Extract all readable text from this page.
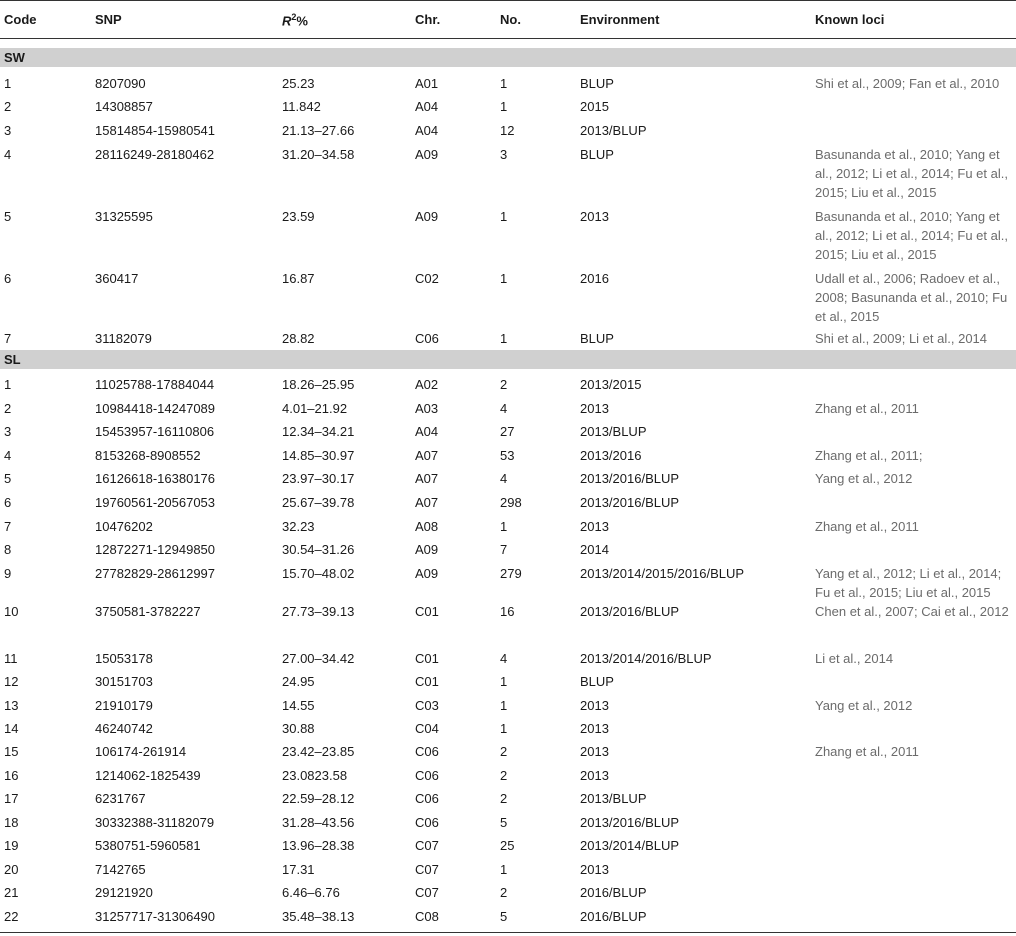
Code	SNP	$R^2\%$	Chr.	No.	Environment	Known loci
SW
1	8207090	25.23	A01	1	BLUP	Shi et al., 2009; Fan et al., 2010
2	14308857	11.842	A04	1	2015
3	15814854-15980541	21.13–27.66	A04	12	2013/BLUP
4	28116249-28180462	31.20–34.58	A09	3	BLUP	Basunanda et al., 2010; Yang et al., 2012; Li et al., 2014; Fu et al., 2015; Liu et al., 2015
5	31325595	23.59	A09	1	2013	Basunanda et al., 2010; Yang et al., 2012; Li et al., 2014; Fu et al., 2015; Liu et al., 2015
6	360417	16.87	C02	1	2016	Udall et al., 2006; Radoev et al., 2008; Basunanda et al., 2010; Fu et al., 2015
7	31182079	28.82	C06	1	BLUP	Shi et al., 2009; Li et al., 2014
SL
1	11025788-17884044	18.26–25.95	A02	2	2013/2015
2	10984418-14247089	4.01–21.92	A03	4	2013	Zhang et al., 2011
3	15453957-16110806	12.34–34.21	A04	27	2013/BLUP
4	8153268-8908552	14.85–30.97	A07	53	2013/2016	Zhang et al., 2011;
5	16126618-16380176	23.97–30.17	A07	4	2013/2016/BLUP	Yang et al., 2012
6	19760561-20567053	25.67–39.78	A07	298	2013/2016/BLUP
7	10476202	32.23	A08	1	2013	Zhang et al., 2011
8	12872271-12949850	30.54–31.26	A09	7	2014
9	27782829-28612997	15.70–48.02	A09	279	2013/2014/2015/2016/BLUP	Yang et al., 2012; Li et al., 2014; Fu et al., 2015; Liu et al., 2015
10	3750581-3782227	27.73–39.13	C01	16	2013/2016/BLUP	Chen et al., 2007; Cai et al., 2012
11	15053178	27.00–34.42	C01	4	2013/2014/2016/BLUP	Li et al., 2014
12	30151703	24.95	C01	1	BLUP
13	21910179	14.55	C03	1	2013	Yang et al., 2012
14	46240742	30.88	C04	1	2013
15	106174-261914	23.42–23.85	C06	2	2013	Zhang et al., 2011
16	1214062-1825439	23.0823.58	C06	2	2013
17	6231767	22.59–28.12	C06	2	2013/BLUP
18	30332388-31182079	31.28–43.56	C06	5	2013/2016/BLUP
19	5380751-5960581	13.96–28.38	C07	25	2013/2014/BLUP
20	7142765	17.31	C07	1	2013
21	29121920	6.46–6.76	C07	2	2016/BLUP
22	31257717-31306490	35.48–38.13	C08	5	2016/BLUP
